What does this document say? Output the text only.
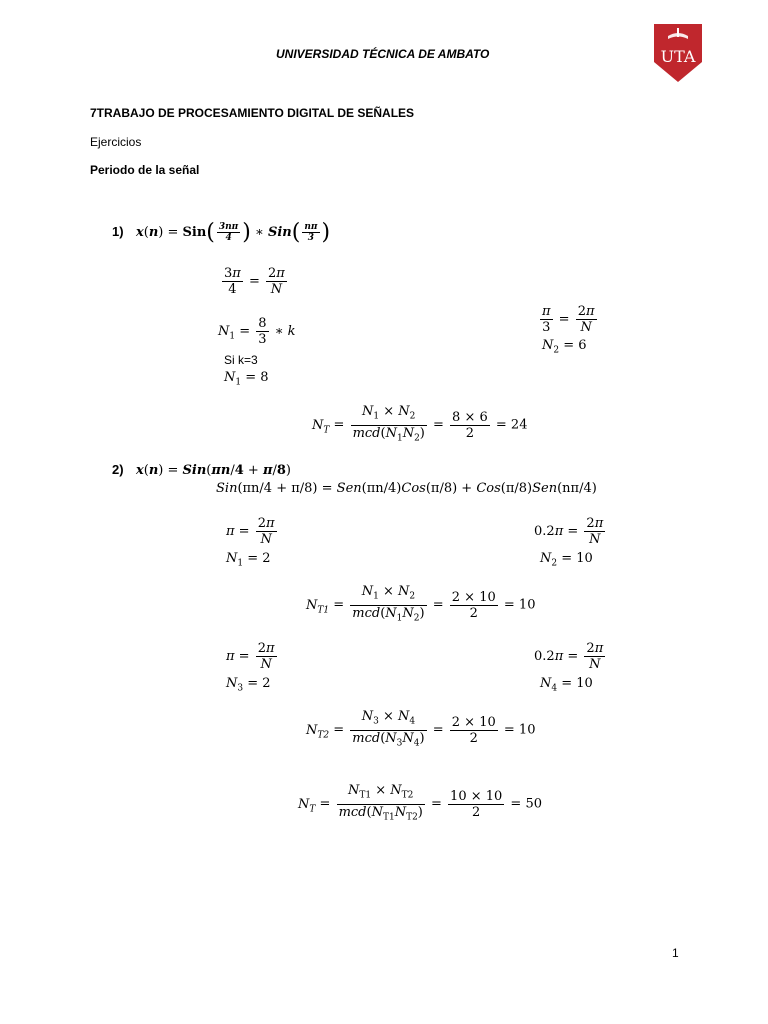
UNIVERSIDAD TÉCNICA DE AMBATO	UTA
7TRABAJO DE PROCESAMIENTO DIGITAL DE SEÑALES
Ejercicios
Periodo de la señal
1) $x(n) = Sin( \frac{3n\pi}{4}$ ) ∗ $Sin( \frac{n\pi}{3}$ )
$\frac{3\pi}{4} = \frac{2\pi}{N}$
$\frac{\pi}{3} = \frac{2\pi}{N}$
$N_2 = 6$
$N_1 = \frac{8}{3}$ ∗ k
Si k=3
$N_1 = 8$
$N_T = \frac{N_1 \times N_2}{mcd(N_1N_2)} = \frac{8 \times 6}{2} = 24$
2) x(n) = Sin(πn/4 + π/8)
Sin(πn/4 + π/8) = Sen(πn/4)Cos(π/8) + Cos(π/8)Sen(nπ/4)
$\pi = \frac{2\pi}{N}$
$N_1 = 2$
$0.2\pi = \frac{2\pi}{N}$
$N_2 = 10$
$N_{T1} = \frac{N_1 \times N_2}{mcd(N_1N_2)} = \frac{2 \times 10}{2} = 10$
$\pi = \frac{2\pi}{N}$
$N_3 = 2$
$0.2\pi = \frac{2\pi}{N}$
$N_4 = 10$
$N_{T2} = \frac{N_3 \times N_4}{mcd(N_3N_4)} = \frac{2 \times 10}{2} = 10$
$N_T = \frac{N_{T1} \times N_{T2}}{mcd(N_{T1}N_{T2})} = \frac{10 \times 10}{2} = 50$
1
